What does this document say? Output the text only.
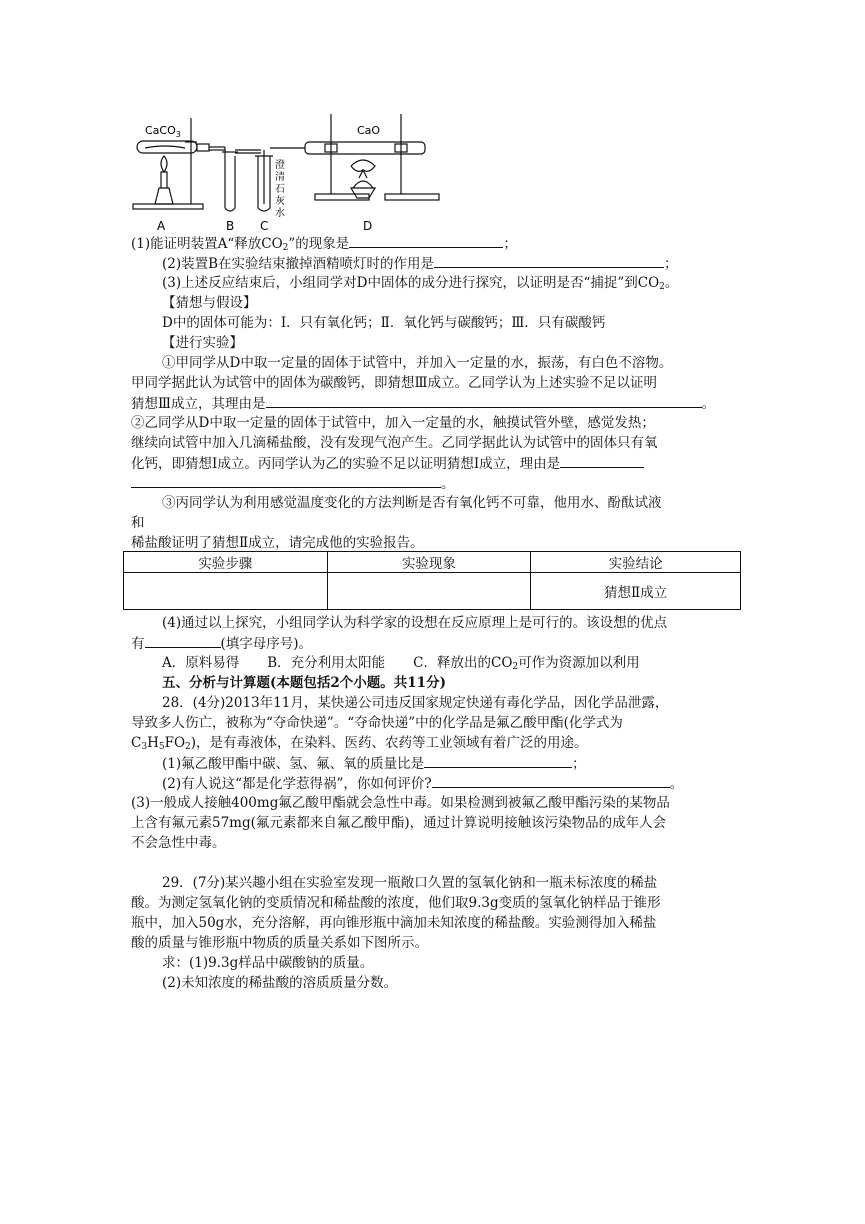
CaCO$_3$	CaO
澄
清
石
灰
水
A	B C	D
(1)能证明装置A“释放$CO_2$”的现象是	；
(2)装置B在实验结束撤掉酒精喷灯时的作用是	；
(3)上述反应结束后，小组同学对D中固体的成分进行探究，以证明是否“捕捉”到$CO_2$。
【猜想与假设】
D中的固体可能为：I．只有氧化钙；Ⅱ．氧化钙与碳酸钙；Ⅲ．只有碳酸钙
【进行实验】
①甲同学从D中取一定量的固体于试管中，并加入一定量的水，振荡，有白色不溶物。
甲同学据此认为试管中的固体为碳酸钙，即猜想Ⅲ成立。乙同学认为上述实验不足以证明
猜想Ⅲ成立，其理由是	。
②乙同学从D中取一定量的固体于试管中，加入一定量的水，触摸试管外壁，感觉发热；
继续向试管中加入几滴稀盐酸，没有发现气泡产生。乙同学据此认为试管中的固体只有氧
化钙，即猜想I成立。丙同学认为乙的实验不足以证明猜想I成立，理由是
。
③丙同学认为利用感觉温度变化的方法判断是否有氧化钙不可靠，他用水、酚酞试液
和
稀盐酸证明了猜想Ⅱ成立，请完成他的实验报告。
实验步骤	实验现象	实验结论
		猜想Ⅱ成立
(4)通过以上探究，小组同学认为科学家的设想在反应原理上是可行的。该设想的优点
有	(填字母序号)。
A．原料易得 B．充分利用太阳能 C．释放出的$CO_2$可作为资源加以利用
五、分析与计算题(本题包括2个小题。共11分)
28．(4分)2013年11月，某快递公司违反国家规定快递有毒化学品，因化学品泄露，
导致多人伤亡，被称为“夺命快递”。“夺命快递”中的化学品是氟乙酸甲酯(化学式为
$C_3H_5FO_2$)，是有毒液体，在染料、医药、农药等工业领域有着广泛的用途。
(1)氟乙酸甲酯中碳、氢、氟、氧的质量比是	；
(2)有人说这“都是化学惹得祸”，你如何评价?	。
(3)一般成人接触400mg氟乙酸甲酯就会急性中毒。如果检测到被氟乙酸甲酯污染的某物品
上含有氟元素57mg(氟元素都来自氟乙酸甲酯)，通过计算说明接触该污染物品的成年人会
不会急性中毒。
29．(7分)某兴趣小组在实验室发现一瓶敞口久置的氢氧化钠和一瓶未标浓度的稀盐
酸。为测定氢氧化钠的变质情况和稀盐酸的浓度，他们取9.3g变质的氢氧化钠样品于锥形
瓶中，加入50g水，充分溶解，再向锥形瓶中滴加未知浓度的稀盐酸。实验测得加入稀盐
酸的质量与锥形瓶中物质的质量关系如下图所示。
求：(1)9.3g样品中碳酸钠的质量。
(2)未知浓度的稀盐酸的溶质质量分数。
